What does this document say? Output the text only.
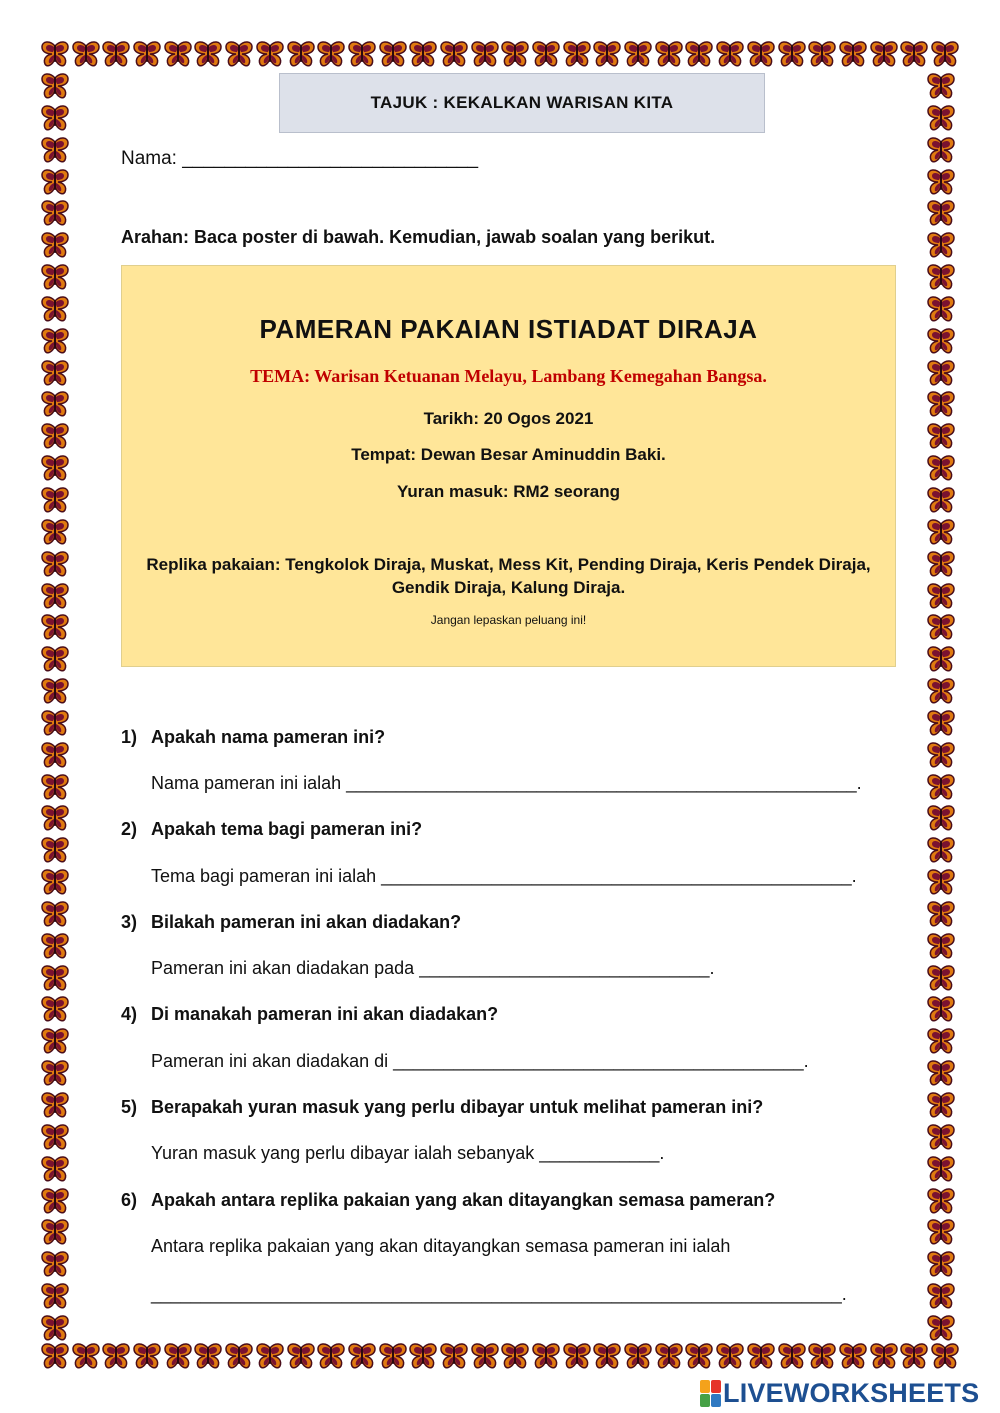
TAJUK : KEKALKAN WARISAN KITA
Nama: ____________________________
Arahan: Baca poster di bawah. Kemudian, jawab soalan yang berikut.
PAMERAN PAKAIAN ISTIADAT DIRAJA
TEMA: Warisan Ketuanan Melayu, Lambang Kemegahan Bangsa.
Tarikh: 20 Ogos 2021
Tempat: Dewan Besar Aminuddin Baki.
Yuran masuk: RM2 seorang
Replika pakaian: Tengkolok Diraja, Muskat, Mess Kit, Pending Diraja, Keris Pendek Diraja, Gendik Diraja, Kalung Diraja.
Jangan lepaskan peluang ini!
1) Apakah nama pameran ini?
Nama pameran ini ialah ___________________________________________________.
2) Apakah tema bagi pameran ini?
Tema bagi pameran ini ialah _______________________________________________.
3) Bilakah pameran ini akan diadakan?
Pameran ini akan diadakan pada _____________________________.
4) Di manakah pameran ini akan diadakan?
Pameran ini akan diadakan di _________________________________________.
5) Berapakah yuran masuk yang perlu dibayar untuk melihat pameran ini?
Yuran masuk yang perlu dibayar ialah sebanyak ____________.
6) Apakah antara replika pakaian yang akan ditayangkan semasa pameran?
Antara replika pakaian yang akan ditayangkan semasa pameran ini ialah
_____________________________________________________________________.
LIVEWORKSHEETS
